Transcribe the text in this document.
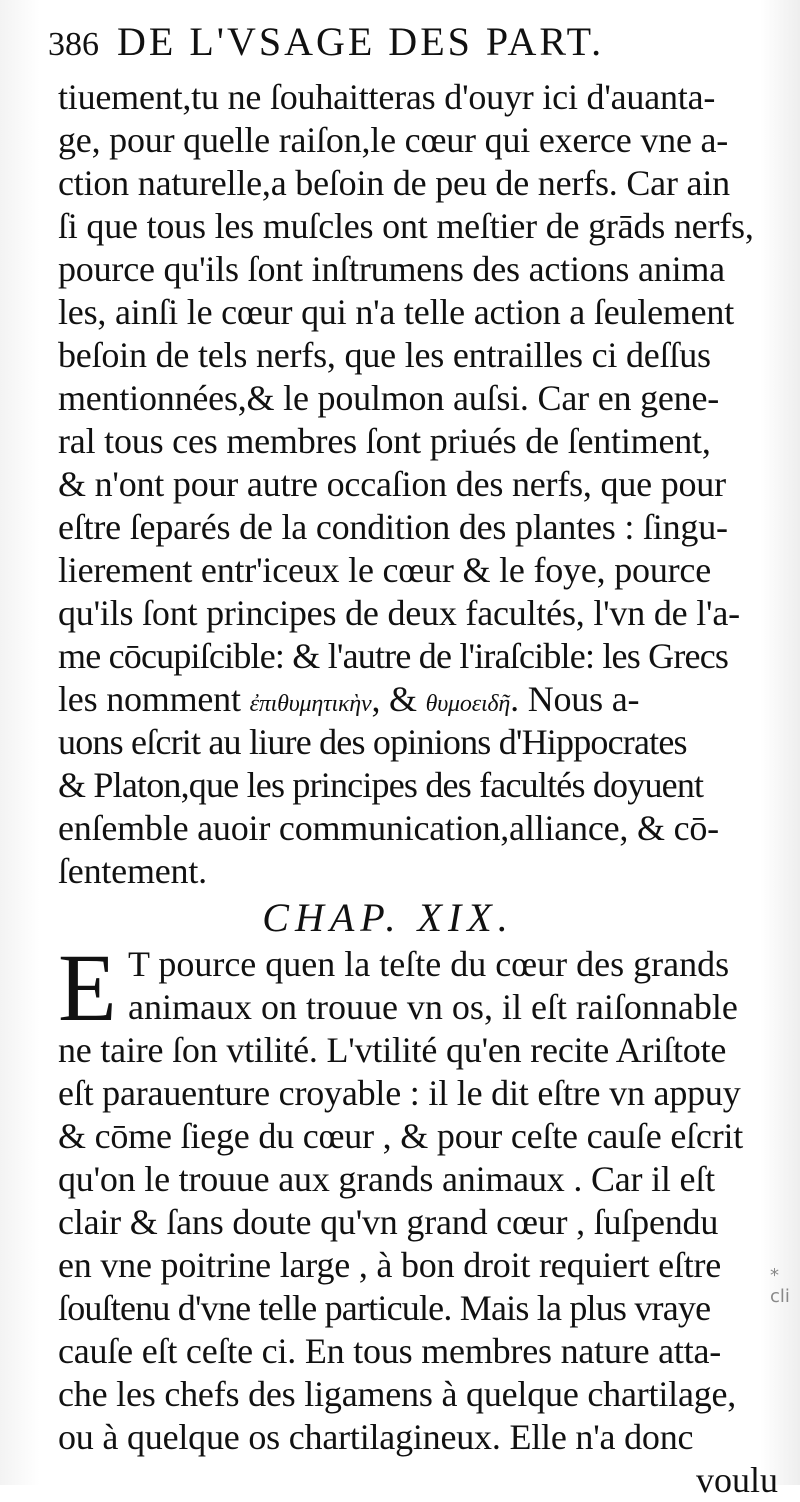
386 DE L'VSAGE DES PART.
tiuement,tu ne ſouhaitteras d'ouyr ici d'auanta-
ge, pour quelle raiſon,le cœur qui exerce vne a-
ction naturelle,a beſoin de peu de nerfs. Car ain
ſi que tous les muſcles ont meſtier de grāds nerfs,
pource qu'ils ſont inſtrumens des actions anima
les, ainſi le cœur qui n'a telle action a ſeulement
beſoin de tels nerfs, que les entrailles ci deſſus
mentionnées,& le poulmon auſsi. Car en gene-
ral tous ces membres ſont priués de ſentiment,
& n'ont pour autre occaſion des nerfs, que pour
eſtre ſeparés de la condition des plantes : ſingu-
lierement entr'iceux le cœur & le foye, pource
qu'ils ſont principes de deux facultés, l'vn de l'a-
me cōcupiſcible: & l'autre de l'iraſcible: les Grecs
les nomment ἐπιθυμητικὴν, & θυμοειδῆ. Nous a-
uons eſcrit au liure des opinions d'Hippocrates
& Platon,que les principes des facultés doyuent
enſemble auoir communication,alliance, & cō-
ſentement.
CHAP. XIX.
E T pource quen la teſte du cœur des grands
animaux on trouue vn os, il eſt raiſonnable
ne taire ſon vtilité. L'vtilité qu'en recite Ariſtote
eſt parauenture croyable : il le dit eſtre vn appuy
& cōme ſiege du cœur , & pour ceſte cauſe eſcrit
qu'on le trouue aux grands animaux . Car il eſt
clair & ſans doute qu'vn grand cœur , ſuſpendu
en vne poitrine large , à bon droit requiert eſtre
ſouſtenu d'vne telle particule. Mais la plus vraye
cauſe eſt ceſte ci. En tous membres nature atta-
che les chefs des ligamens à quelque chartilage,
ou à quelque os chartilagineux. Elle n'a donc
voulu
* cli
